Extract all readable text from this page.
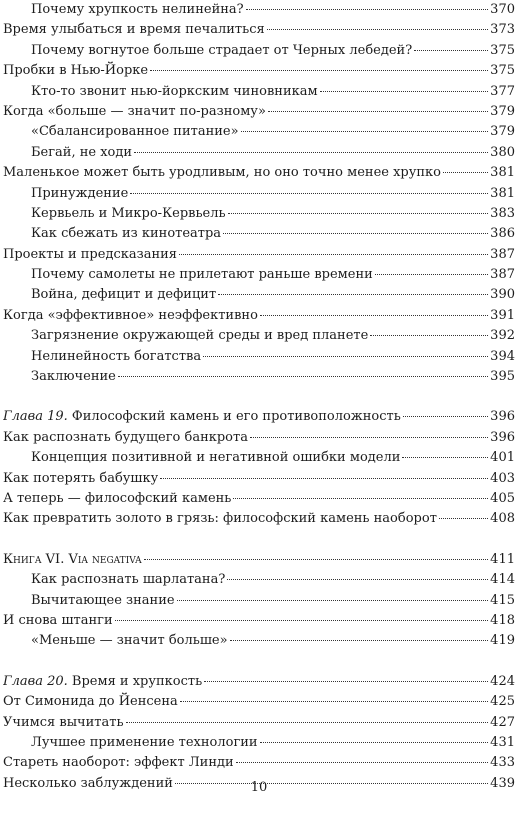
Почему хрупкость нелинейна?	370
Время улыбаться и время печалиться	373
Почему вогнутое больше страдает от Черных лебедей?	375
Пробки в Нью-Йорке	375
Кто-то звонит нью-йоркским чиновникам	377
Когда «больше — значит по-разному»	379
«Сбалансированное питание»	379
Бегай, не ходи	380
Маленькое может быть уродливым, но оно точно менее хрупко	381
Принуждение	381
Кервьель и Микро-Кервьель	383
Как сбежать из кинотеатра	386
Проекты и предсказания	387
Почему самолеты не прилетают раньше времени	387
Война, дефицит и дефицит	390
Когда «эффективное» неэффективно	391
Загрязнение окружающей среды и вред планете	392
Нелинейность богатства	394
Заключение	395
Глава 19. Философский камень и его противоположность	396
Как распознать будущего банкрота	396
Концепция позитивной и негативной ошибки модели	401
Как потерять бабушку	403
А теперь — философский камень	405
Как превратить золото в грязь: философский камень наоборот	408
Книга VI. Via negativa	411
Как распознать шарлатана?	414
Вычитающее знание	415
И снова штанги	418
«Меньше — значит больше»	419
Глава 20. Время и хрупкость	424
От Симонида до Йенсена	425
Учимся вычитать	427
Лучшее применение технологии	431
Стареть наоборот: эффект Линди	433
Несколько заблуждений	439
10
